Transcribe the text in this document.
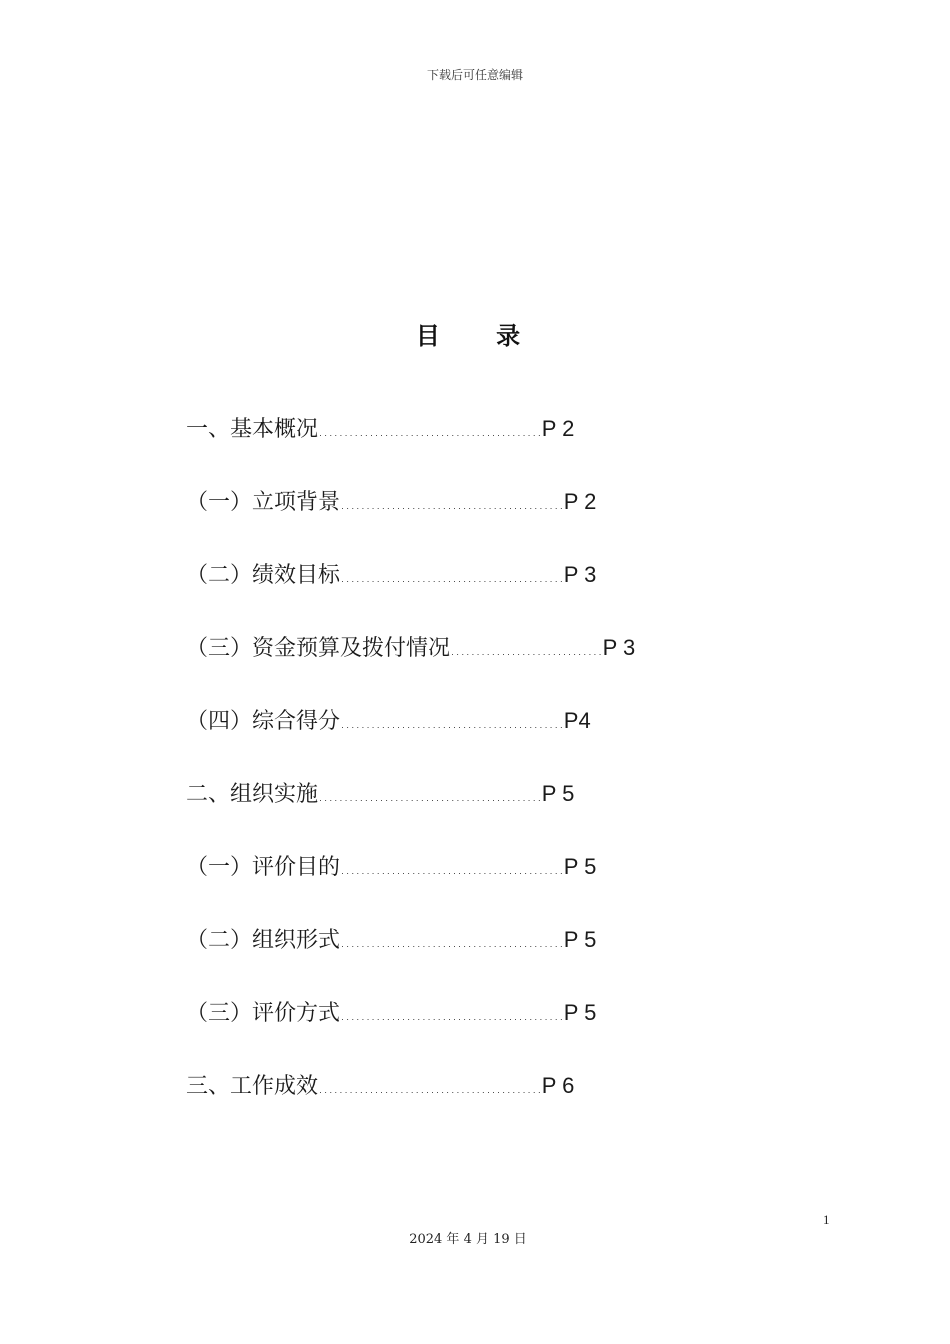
下载后可任意编辑
目 录
一、基本概况............................................P 2
（一）立项背景............................................P 2
（二）绩效目标............................................P 3
（三）资金预算及拨付情况..............................P 3
（四）综合得分............................................P4
二、组织实施............................................P 5
（一）评价目的............................................P 5
（二）组织形式............................................P 5
（三）评价方式............................................P 5
三、工作成效............................................P 6
1
2024 年 4 月 19 日
